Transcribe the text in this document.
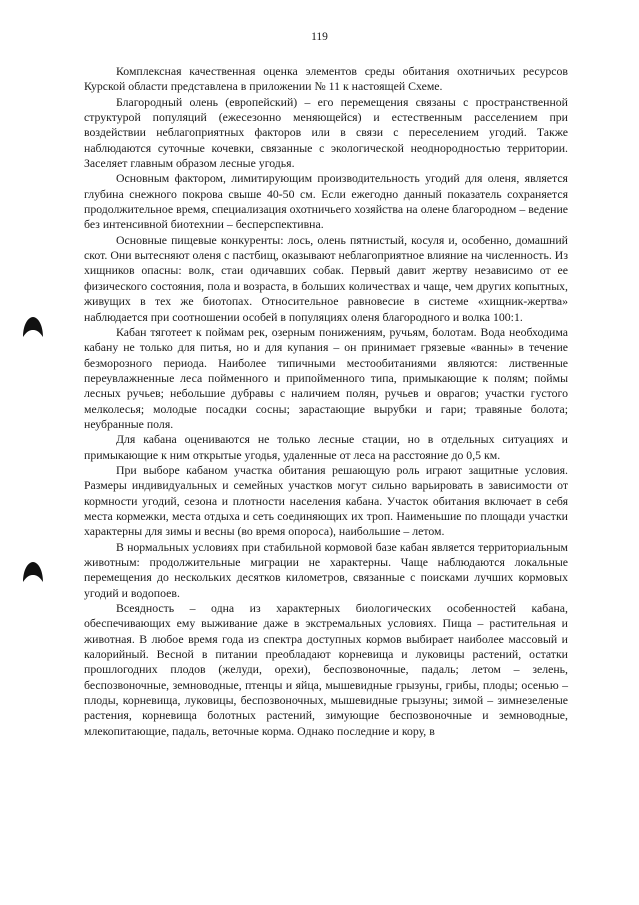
119

Комплексная качественная оценка элементов среды обитания охотничьих ресурсов Курской области представлена в приложении № 11 к настоящей Схеме.

Благородный олень (европейский) – его перемещения связаны с пространственной структурой популяций (ежесезонно меняющейся) и естественным расселением при воздействии неблагоприятных факторов или в связи с переселением угодий. Также наблюдаются суточные кочевки, связанные с экологической неоднородностью территории. Заселяет главным образом лесные угодья.

Основным фактором, лимитирующим производительность угодий для оленя, является глубина снежного покрова свыше 40-50 см. Если ежегодно данный показатель сохраняется продолжительное время, специализация охотничьего хозяйства на олене благородном – ведение без интенсивной биотехнии – бесперспективна.

Основные пищевые конкуренты: лось, олень пятнистый, косуля и, особенно, домашний скот. Они вытесняют оленя с пастбищ, оказывают неблагоприятное влияние на численность. Из хищников опасны: волк, стаи одичавших собак. Первый давит жертву независимо от ее физического состояния, пола и возраста, в больших количествах и чаще, чем других копытных, живущих в тех же биотопах. Относительное равновесие в системе «хищник-жертва» наблюдается при соотношении особей в популяциях оленя благородного и волка 100:1.

Кабан тяготеет к поймам рек, озерным понижениям, ручьям, болотам. Вода необходима кабану не только для питья, но и для купания – он принимает грязевые «ванны» в течение безморозного периода. Наиболее типичными местообитаниями являются: лиственные переувлажненные леса пойменного и припойменного типа, примыкающие к полям; поймы лесных ручьев; небольшие дубравы с наличием полян, ручьев и оврагов; участки густого мелколесья; молодые посадки сосны; зарастающие вырубки и гари; травяные болота; неубранные поля.

Для кабана оцениваются не только лесные стации, но в отдельных ситуациях и примыкающие к ним открытые угодья, удаленные от леса на расстояние до 0,5 км.

При выборе кабаном участка обитания решающую роль играют защитные условия. Размеры индивидуальных и семейных участков могут сильно варьировать в зависимости от кормности угодий, сезона и плотности населения кабана. Участок обитания включает в себя места кормежки, места отдыха и сеть соединяющих их троп. Наименьшие по площади участки характерны для зимы и весны (во время опороса), наибольшие – летом.

В нормальных условиях при стабильной кормовой базе кабан является территориальным животным: продолжительные миграции не характерны. Чаще наблюдаются локальные перемещения до нескольких десятков километров, связанные с поисками лучших кормовых угодий и водопоев.

Всеядность – одна из характерных биологических особенностей кабана, обеспечивающих ему выживание даже в экстремальных условиях. Пища – растительная и животная. В любое время года из спектра доступных кормов выбирает наиболее массовый и калорийный. Весной в питании преобладают корневища и луковицы растений, остатки прошлогодних плодов (желуди, орехи), беспозвоночные, падаль; летом – зелень, беспозвоночные, земноводные, птенцы и яйца, мышевидные грызуны, грибы, плоды; осенью – плоды, корневища, луковицы, беспозвоночных, мышевидные грызуны; зимой – зимнезеленые растения, корневища болотных растений, зимующие беспозвоночные и земноводные, млекопитающие, падаль, веточные корма. Однако последние и кору, в
